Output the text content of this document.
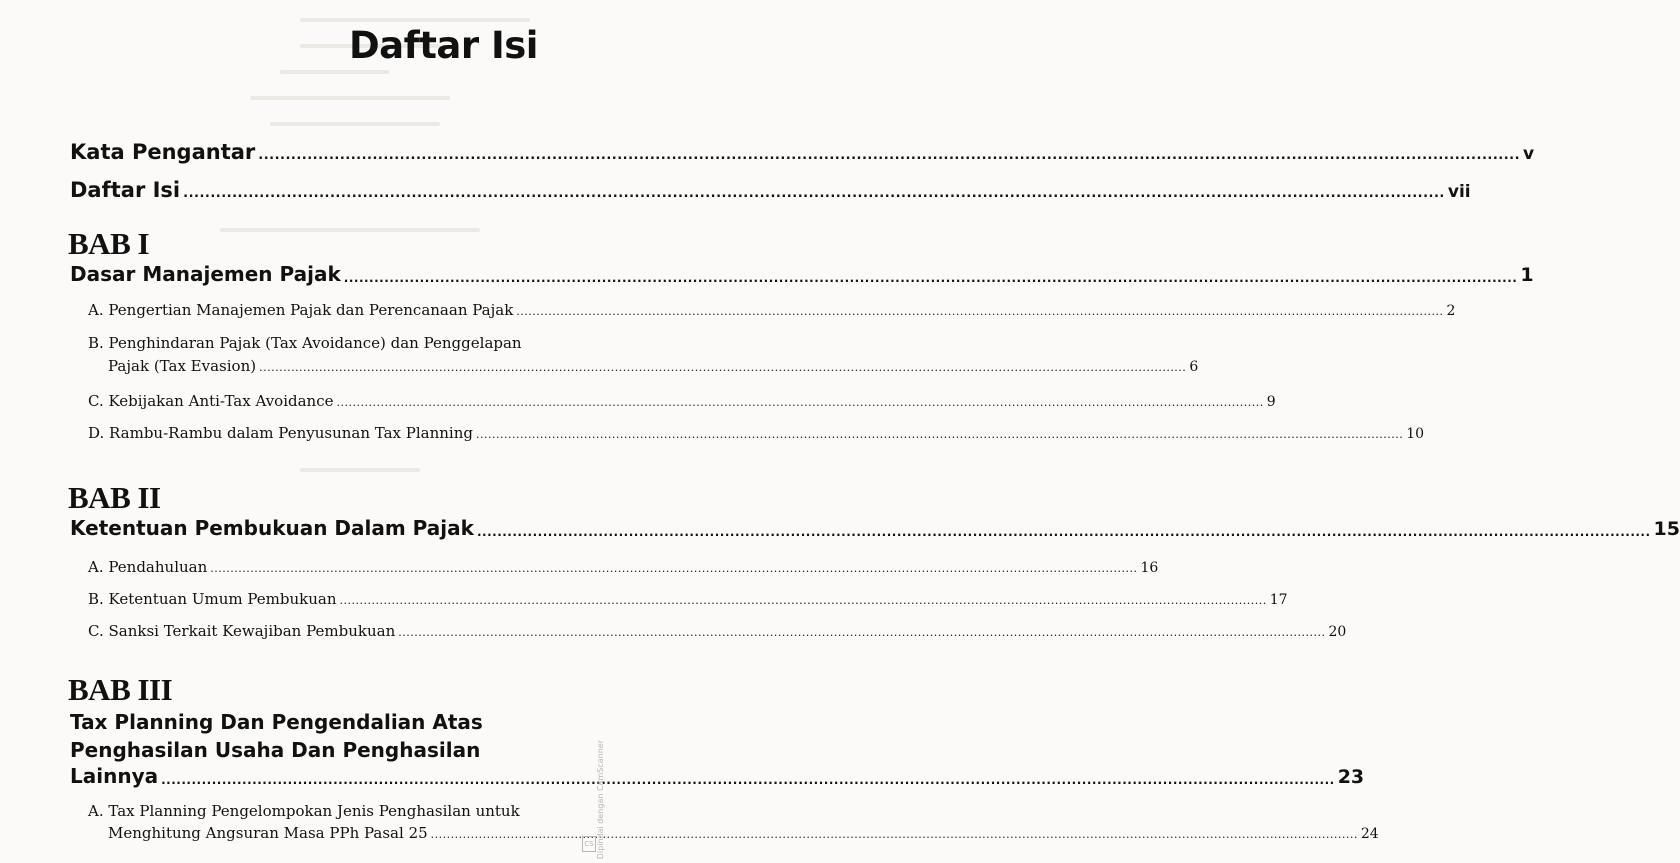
Daftar Isi
Kata Pengantar .....	v
Daftar Isi .....	vii
BAB I
Dasar Manajemen Pajak .....	1
A. Pengertian Manajemen Pajak dan Perencanaan Pajak .....	2
B. Penghindaran Pajak (Tax Avoidance) dan Penggelapan
Pajak (Tax Evasion) .....	6
C. Kebijakan Anti-Tax Avoidance .....	9
D. Rambu-Rambu dalam Penyusunan Tax Planning .....	10
BAB II
Ketentuan Pembukuan Dalam Pajak .....	15
A. Pendahuluan .....	16
B. Ketentuan Umum Pembukuan .....	17
C. Sanksi Terkait Kewajiban Pembukuan .....	20
BAB III
Tax Planning Dan Pengendalian Atas
Penghasilan Usaha Dan Penghasilan
Lainnya .....	23
A. Tax Planning Pengelompokan Jenis Penghasilan untuk
Menghitung Angsuran Masa PPh Pasal 25 .....	24
Dipindai dengan CamScanner
CS
